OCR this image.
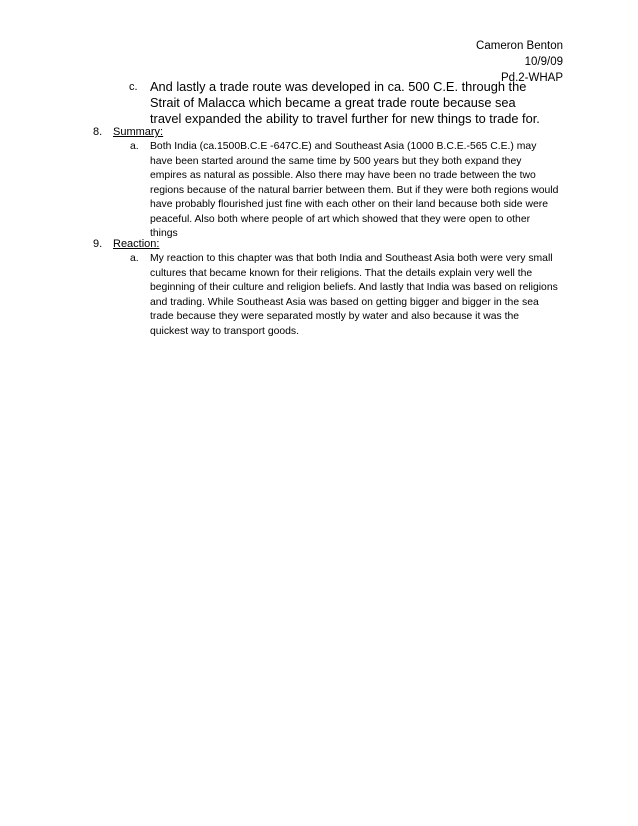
Cameron Benton
10/9/09
Pd.2-WHAP
c. And lastly a trade route was developed in ca. 500 C.E. through the Strait of Malacca which became a great trade route because sea travel expanded the ability to travel further for new things to trade for.
8. Summary:
a. Both India (ca.1500B.C.E -647C.E) and Southeast Asia (1000 B.C.E.-565 C.E.) may have been started around the same time by 500 years but they both expand they empires as natural as possible. Also there may have been no trade between the two regions because of the natural barrier between them. But if they were both regions would have probably flourished just fine with each other on their land because both side were peaceful. Also both where people of art which showed that they were open to other things
9. Reaction:
a. My reaction to this chapter was that both India and Southeast Asia both were very small cultures that became known for their religions. That the details explain very well the beginning of their culture and religion beliefs. And lastly that India was based on religions and trading. While Southeast Asia was based on getting bigger and bigger in the sea trade because they were separated mostly by water and also because it was the quickest way to transport goods.
